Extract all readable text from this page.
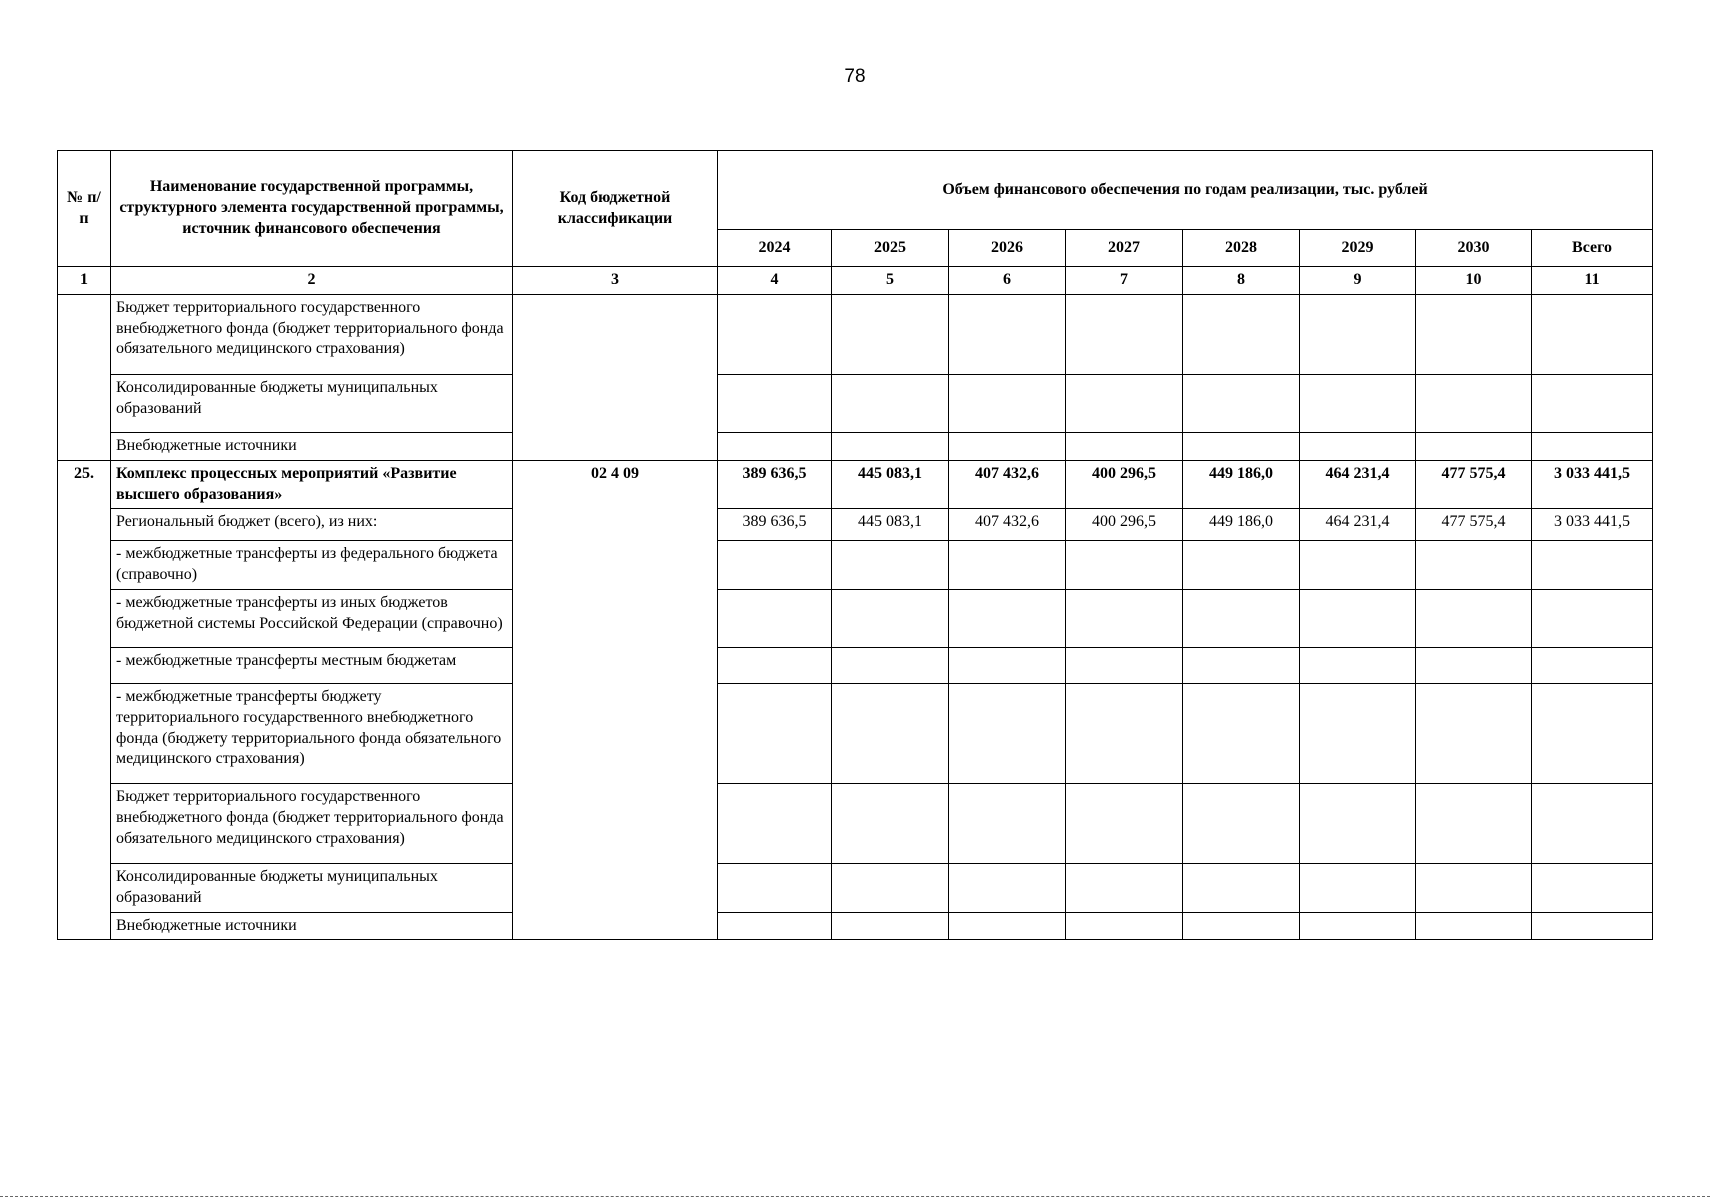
78
№ п/п	Наименование государственной программы, структурного элемента государственной программы, источник финансового обеспечения	Код бюджетной классификации	Объем финансового обеспечения по годам реализации, тыс. рублей							
			2024	2025	2026	2027	2028	2029	2030	Всего
1	2	3	4	5	6	7	8	9	10	11
	Бюджет территориального государственного внебюджетного фонда (бюджет территориального фонда обязательного медицинского страхования)									
	Консолидированные бюджеты муниципальных образований									
	Внебюджетные источники									
25.	Комплекс процессных мероприятий «Развитие высшего образования»	02 4 09	389 636,5	445 083,1	407 432,6	400 296,5	449 186,0	464 231,4	477 575,4	3 033 441,5
	Региональный бюджет (всего), из них:		389 636,5	445 083,1	407 432,6	400 296,5	449 186,0	464 231,4	477 575,4	3 033 441,5
	- межбюджетные трансферты из федерального бюджета (справочно)									
	- межбюджетные трансферты из иных бюджетов бюджетной системы Российской Федерации (справочно)									
	- межбюджетные трансферты местным бюджетам									
	- межбюджетные трансферты бюджету территориального государственного внебюджетного фонда (бюджету территориального фонда обязательного медицинского страхования)									
	Бюджет территориального государственного внебюджетного фонда (бюджет территориального фонда обязательного медицинского страхования)									
	Консолидированные бюджеты муниципальных образований									
	Внебюджетные источники									
